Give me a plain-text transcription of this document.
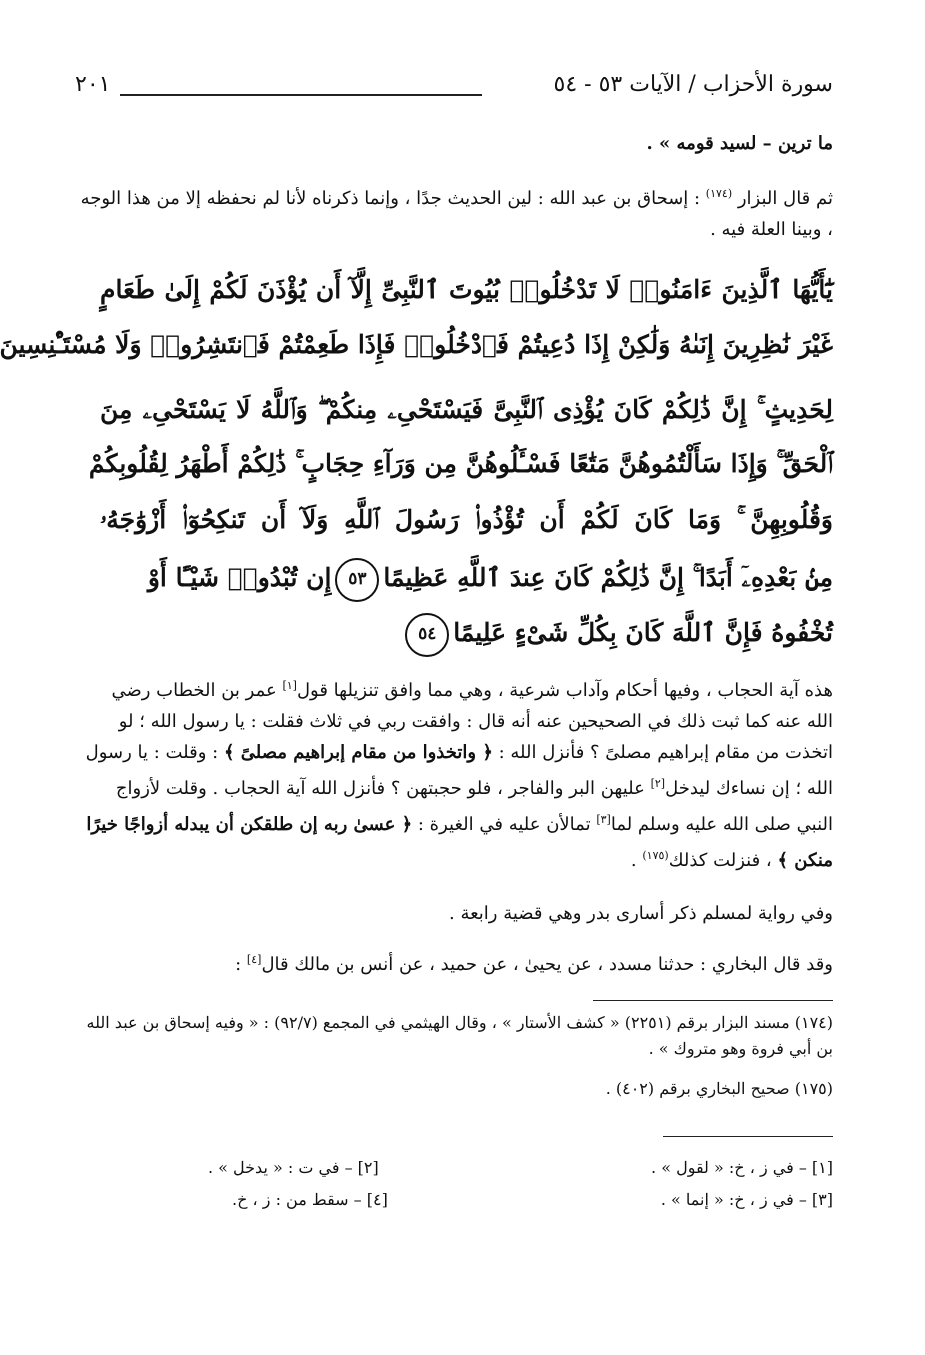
سورة الأحزاب / الآيات ٥٣ - ٥٤
٢٠١
ما ترين – لسيد قومه » .
ثم قال البزار $^{(١٧٤)}$ : إسحاق بن عبد الله : لين الحديث جدًا ، وإنما ذكرناه لأنا لم نحفظه إلا من هذا الوجه ، وبينا العلة فيه .
يَٰٓأَيُّهَا ٱلَّذِينَ ءَامَنُوا۟ لَا تَدْخُلُوا۟ بُيُوتَ ٱلنَّبِىِّ إِلَّآ أَن يُؤْذَنَ لَكُمْ إِلَىٰ طَعَامٍ
غَيْرَ نَٰظِرِينَ إِنَىٰهُ وَلَٰكِنْ إِذَا دُعِيتُمْ فَٱدْخُلُوا۟ فَإِذَا طَعِمْتُمْ فَٱنتَشِرُوا۟ وَلَا مُسْتَـْٔنِسِينَ
لِحَدِيثٍ ۚ إِنَّ ذَٰلِكُمْ كَانَ يُؤْذِى ٱلنَّبِىَّ فَيَسْتَحْىِۦ مِنكُمْ ۖ وَٱللَّهُ لَا يَسْتَحْىِۦ مِنَ
ٱلْحَقِّ ۚ وَإِذَا سَأَلْتُمُوهُنَّ مَتَٰعًا فَسْـَٔلُوهُنَّ مِن وَرَآءِ حِجَابٍ ۚ ذَٰلِكُمْ أَطْهَرُ لِقُلُوبِكُمْ
وَقُلُوبِهِنَّ ۚ وَمَا كَانَ لَكُمْ أَن تُؤْذُوا۟ رَسُولَ ٱللَّهِ وَلَآ أَن تَنكِحُوٓا۟ أَزْوَٰجَهُۥ
مِنۢ بَعْدِهِۦٓ أَبَدًا ۚ إِنَّ ذَٰلِكُمْ كَانَ عِندَ ٱللَّهِ عَظِيمًا٥٣إِن تُبْدُوا۟ شَيْـًٔا أَوْ
تُخْفُوهُ فَإِنَّ ٱللَّهَ كَانَ بِكُلِّ شَىْءٍ عَلِيمًا٥٤
هذه آية الحجاب ، وفيها أحكام وآداب شرعية ، وهي مما وافق تنزيلها قول[١] عمر بن الخطاب رضي الله عنه كما ثبت ذلك في الصحيحين عنه أنه قال : وافقت ربي في ثلاث فقلت : يا رسول الله ؛ لو اتخذت من مقام إبراهيم مصلىً ؟ فأنزل الله : ﴿ واتخذوا من مقام إبراهيم مصلىً ﴾ : وقلت : يا رسول الله ؛ إن نساءك ليدخل[٢] عليهن البر والفاجر ، فلو حجبتهن ؟ فأنزل الله آية الحجاب . وقلت لأزواج النبي صلى الله عليه وسلم لما[٣] تمالأن عليه في الغيرة : ﴿ عسىٰ ربه إن طلقكن أن يبدله أزواجًا خيرًا منكن ﴾ ، فنزلت كذلك$^{(١٧٥)}$ .
وفي رواية لمسلم ذكر أسارى بدر وهي قضية رابعة .
وقد قال البخاري : حدثنا مسدد ، عن يحيىٰ ، عن حميد ، عن أنس بن مالك قال[٤] :
(١٧٤) مسند البزار برقم (٢٢٥١) « كشف الأستار » ، وقال الهيثمي في المجمع (٩٢/٧) : « وفيه إسحاق بن عبد الله بن أبي فروة وهو متروك » .
(١٧٥) صحيح البخاري برقم (٤٠٢) .
[١] – في ز ، خ: « لقول » .
[٢] – في ت : « يدخل » .
[٣] – في ز ، خ: « إنما » .
[٤] – سقط من : ز ، خ.
